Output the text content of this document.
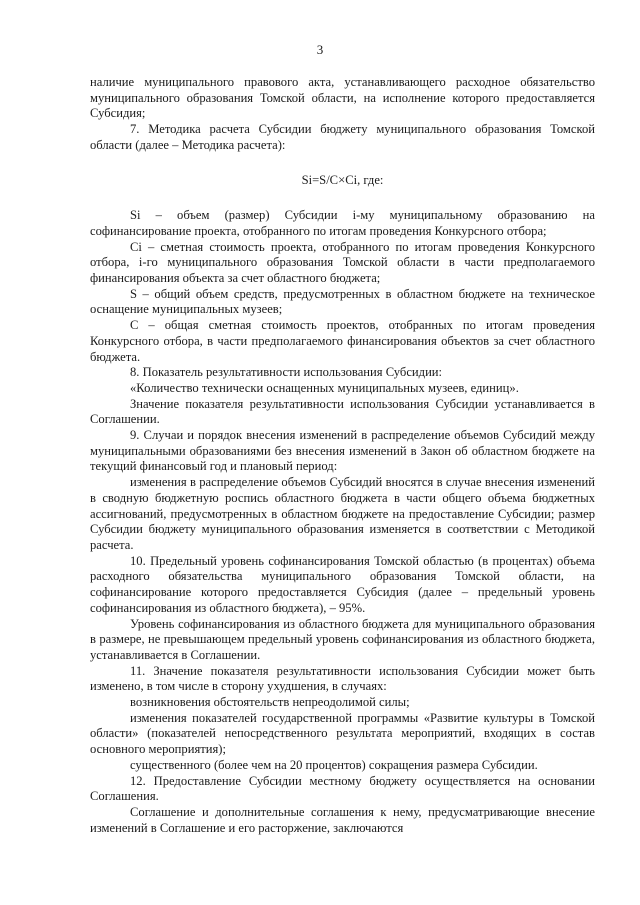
3

наличие муниципального правового акта, устанавливающего расходное обязательство муниципального образования Томской области, на исполнение которого предоставляется Субсидия;

7. Методика расчета Субсидии бюджету муниципального образования Томской области (далее – Методика расчета):

Si=S/C×Ci, где:

Si – объем (размер) Субсидии i-му муниципальному образованию на софинансирование проекта, отобранного по итогам проведения Конкурсного отбора;

Ci – сметная стоимость проекта, отобранного по итогам проведения Конкурсного отбора, i-го муниципального образования Томской области в части предполагаемого финансирования объекта за счет областного бюджета;

S – общий объем средств, предусмотренных в областном бюджете на техническое оснащение муниципальных музеев;

C – общая сметная стоимость проектов, отобранных по итогам проведения Конкурсного отбора, в части предполагаемого финансирования объектов за счет областного бюджета.

8. Показатель результативности использования Субсидии:

«Количество технически оснащенных муниципальных музеев, единиц».

Значение показателя результативности использования Субсидии устанавливается в Соглашении.

9. Случаи и порядок внесения изменений в распределение объемов Субсидий между муниципальными образованиями без внесения изменений в Закон об областном бюджете на текущий финансовый год и плановый период:

изменения в распределение объемов Субсидий вносятся в случае внесения изменений в сводную бюджетную роспись областного бюджета в части общего объема бюджетных ассигнований, предусмотренных в областном бюджете на предоставление Субсидии; размер Субсидии бюджету муниципального образования изменяется в соответствии с Методикой расчета.

10. Предельный уровень софинансирования Томской областью (в процентах) объема расходного обязательства муниципального образования Томской области, на софинансирование которого предоставляется Субсидия (далее – предельный уровень софинансирования из областного бюджета), – 95%.

Уровень софинансирования из областного бюджета для муниципального образования в размере, не превышающем предельный уровень софинансирования из областного бюджета, устанавливается в Соглашении.

11. Значение показателя результативности использования Субсидии может быть изменено, в том числе в сторону ухудшения, в случаях:

возникновения обстоятельств непреодолимой силы;

изменения показателей государственной программы «Развитие культуры в Томской области» (показателей непосредственного результата мероприятий, входящих в состав основного мероприятия);

существенного (более чем на 20 процентов) сокращения размера Субсидии.

12. Предоставление Субсидии местному бюджету осуществляется на основании Соглашения.

Соглашение и дополнительные соглашения к нему, предусматривающие внесение изменений в Соглашение и его расторжение, заключаются
